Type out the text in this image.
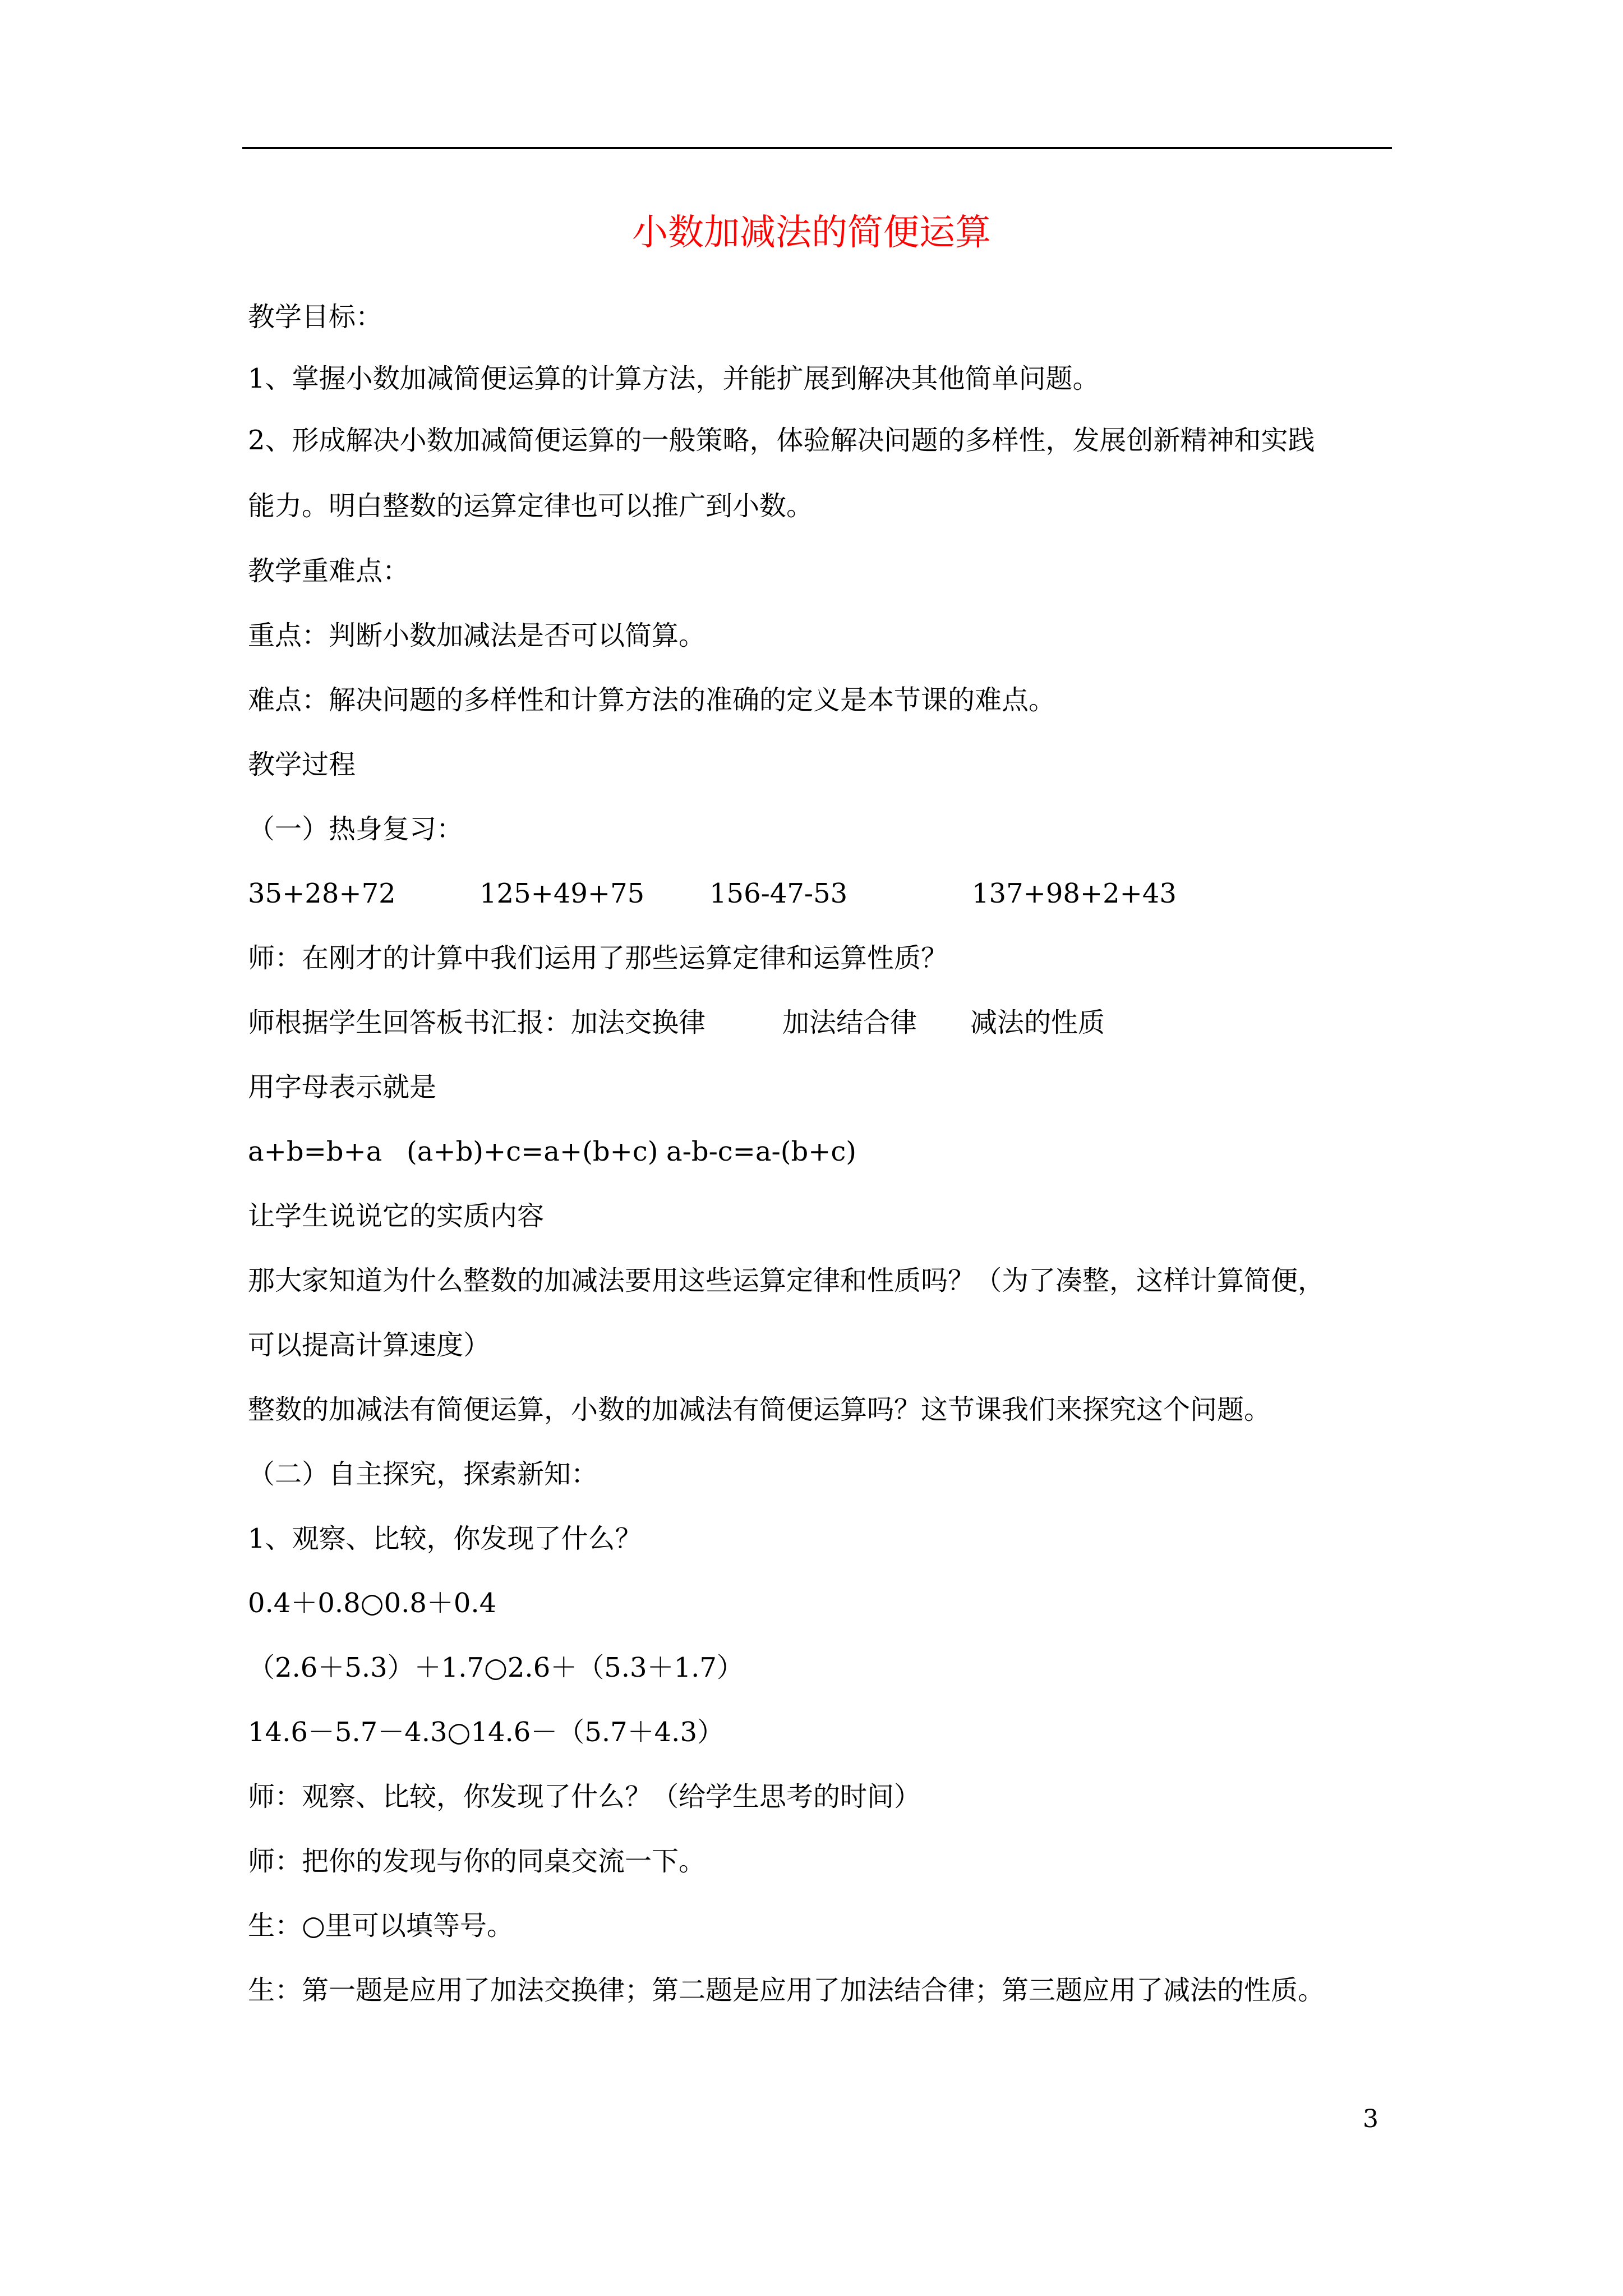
小数加减法的简便运算
教学目标：
1、掌握小数加减简便运算的计算方法，并能扩展到解决其他简单问题。
2、形成解决小数加减简便运算的一般策略，体验解决问题的多样性，发展创新精神和实践
能力。明白整数的运算定律也可以推广到小数。
教学重难点：
重点：判断小数加减法是否可以简算。
难点：解决问题的多样性和计算方法的准确的定义是本节课的难点。
教学过程
（一）热身复习：
35+28+72	125+49+75 156-47-53	137+98+2+43
师：在刚才的计算中我们运用了那些运算定律和运算性质？
师根据学生回答板书汇报：加法交换律	加法结合律 减法的性质
用字母表示就是
a+b=b+a (a+b)+c=a+(b+c) a-b-c=a-(b+c)
让学生说说它的实质内容
那大家知道为什么整数的加减法要用这些运算定律和性质吗？（为了凑整，这样计算简便，
可以提高计算速度）
整数的加减法有简便运算，小数的加减法有简便运算吗？这节课我们来探究这个问题。
（二）自主探究，探索新知：
1、观察、比较，你发现了什么？
0.4＋0.8○0.8＋0.4
（2.6＋5.3）＋1.7○2.6＋（5.3＋1.7）
14.6－5.7－4.3○14.6－（5.7＋4.3）
师：观察、比较，你发现了什么？（给学生思考的时间）
师：把你的发现与你的同桌交流一下。
生：○里可以填等号。
生：第一题是应用了加法交换律；第二题是应用了加法结合律；第三题应用了减法的性质。
3
